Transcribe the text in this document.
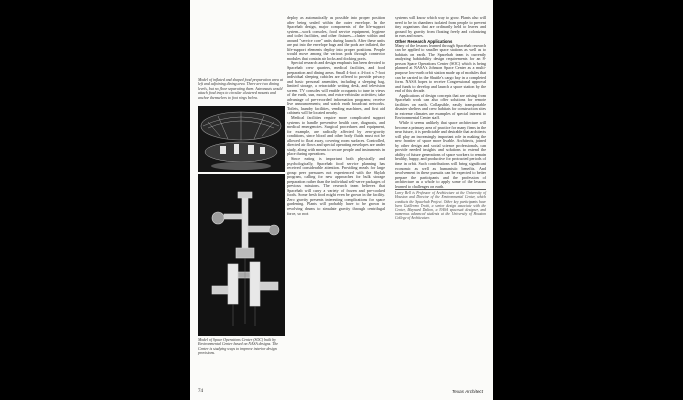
Model of inflated and shaped food preparation area at left and adjoining dining area. There are two dining levels, but no floor separating them. Astronauts would attach food trays to circular clustered mounts and anchor themselves to foot rings below.

Model of Space Operations Center (SOC) built by Environmental Center based on NASA designs. The Center is studying ways to improve interior design provisions.

deploy as automatically as possible into proper position after being sealed within the outer envelope. In the Spacehab design, major components of the life-support system—work consoles, food service equipment, hygiene and toilet facilities, and other fixtures—cluster within and around "service core" units during launch. After these units are put into the envelope bags and the pods are inflated, the life-support elements deploy into proper positions. People would move among the various pods through connector modules that contain air locks and docking ports.

Special research and design emphasis has been devoted to Spacehab crew quarters, medical facilities, and food preparation and dining areas. Small 4-foot x 4-foot x 7-foot individual sleeping cubicles are offered to provide privacy and basic personal amenities, including a sleeping bag, limited storage, a retractable writing desk, and television screen. TV consoles will enable occupants to tune in views of the earth, sun, moon, and extra-vehicular activities; take advantage of pre-recorded information programs; receive live announcements; and watch earth broadcast networks. Toilets, laundry facilities, vending machines, and first aid cabinets will be located nearby.

Medical facilities require more complicated support systems to handle preventive health care, diagnosis, and medical emergencies. Surgical procedures and equipment, for example, are radically affected by zero-gravity conditions, since blood and other body fluids must not be allowed to float away, covering room surfaces. Controlled, directed air flows and special operating envelopes are under study, along with means to secure people and instruments in place during operations.

Since eating is important both physically and psychologically, Spacehab food service planning has received considerable attention. Providing meals for large group peer pressures not experienced with the Skylab program, calling for new approaches for bulk storage preparation rather than the individual self-serve packages of previous missions. The research team believes that Spacehab will carry a variety of frozen and pre-cooked foods. Some fresh food might even be grown in the facility. Zero gravity presents interesting complications for space gardening. Plants will probably have to be grown in revolving drums to simulate gravity through centrifugal force, so root

systems will know which way to grow. Plants also will need to be in chambers isolated from people to prevent tiny organisms that are ordinarily held to leaves and ground by gravity from floating freely and colonizing in ears and noses.

Other Research Applications

Many of the lessons learned through Spacehab research can be applied to smaller space stations as well as to habitats on earth. The Spacehab team is currently analyzing habitability design requirements for an 8-person Space Operations Center (SOC) which is being planned at NASA's Johnson Space Center as a multi-purpose low-earth orbit station made up of modules that can be carried in the Shuttle's cargo bay in a completed form. NASA hopes to receive Congressional approval and funds to develop and launch a space station by the end of this decade.

Applications of design concepts that are arising from Spacehab work can also offer solutions for remote facilities on earth. Collapsible, easily transportable disaster shelters and crew habitats for construction sites in extreme climates are examples of special interest to Environmental Center staff.

While it seems unlikely that space architecture will become a primary area of practice for many firms in the near future, it is predictable and desirable that architects will play an increasingly important role in making the new frontier of space more livable. Architects, joined by other design and social science professionals, can provide needed insights and solutions to extend the ability of future generations of space workers to remain healthy, happy, and productive for protracted periods of time in orbit. Such contributions will bring significant economic as well as humanistic benefits. And involvement in these pursuits can be expected to better prepare the participants and the profession of architecture as a whole to apply some of the lessons learned to challenges on earth.

Larry Bell is Professor of Architecture at the University of Houston and Director of the Environmental Center, which conducts the Spacehab Project. Other key participants have been Guillermo Trotti, a senior design associate with the Center, Maynard Dalton, a NASA spacesuit designer, and numerous advanced students at the University of Houston College of Architecture.

74	Texas Architect
